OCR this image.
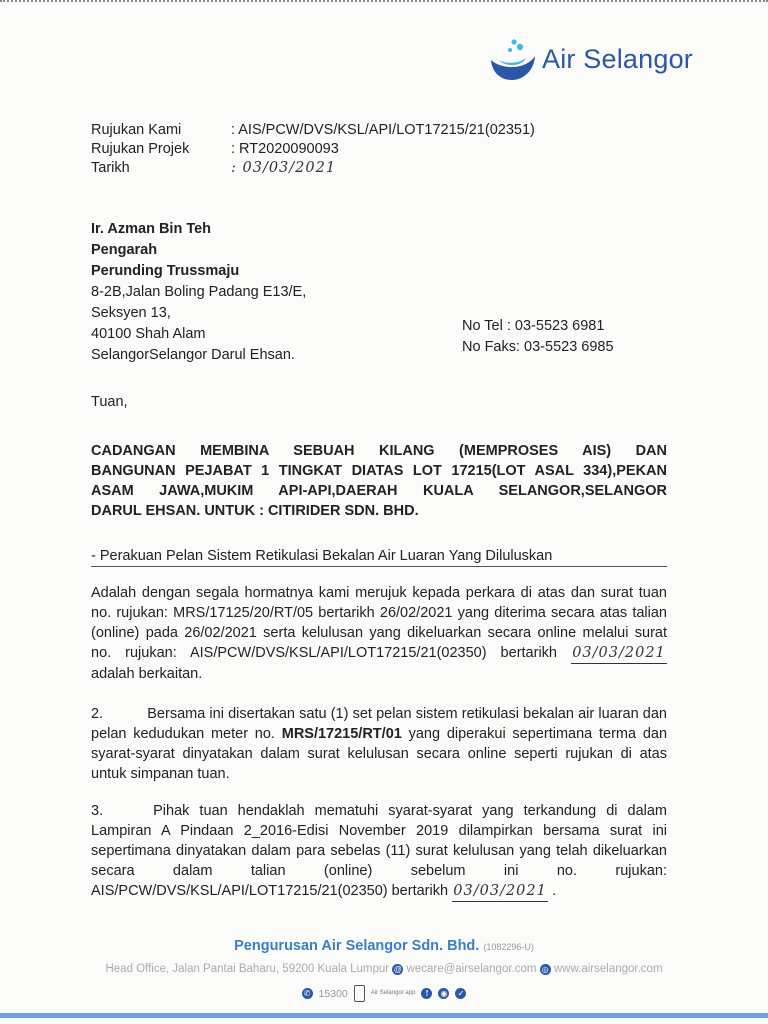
Air Selangor
Rujukan Kami	: AIS/PCW/DVS/KSL/API/LOT17215/21(02351)
Rujukan Projek	: RT2020090093
Tarikh	: 03/03/2021
Ir. Azman Bin Teh
Pengarah
Perunding Trussmaju
8-2B,Jalan Boling Padang E13/E,
Seksyen 13,
40100 Shah Alam
SelangorSelangor Darul Ehsan.
No Tel : 03-5523 6981
No Faks: 03-5523 6985
Tuan,
CADANGAN MEMBINA SEBUAH KILANG (MEMPROSES AIS) DAN
BANGUNAN PEJABAT 1 TINGKAT DIATAS LOT 17215(LOT ASAL 334),PEKAN
ASAM JAWA,MUKIM API-API,DAERAH KUALA SELANGOR,SELANGOR
DARUL EHSAN. UNTUK : CITIRIDER SDN. BHD.
- Perakuan Pelan Sistem Retikulasi Bekalan Air Luaran Yang Diluluskan
Adalah dengan segala hormatnya kami merujuk kepada perkara di atas dan surat tuan no. rujukan: MRS/17125/20/RT/05 bertarikh 26/02/2021 yang diterima secara atas talian (online) pada 26/02/2021 serta kelulusan yang dikeluarkan secara online melalui surat no. rujukan: AIS/PCW/DVS/KSL/API/LOT17215/21(02350) bertarikh 03/03/2021 adalah berkaitan.
2.	Bersama ini disertakan satu (1) set pelan sistem retikulasi bekalan air luaran dan pelan kedudukan meter no. MRS/17215/RT/01 yang diperakui sepertimana terma dan syarat-syarat dinyatakan dalam surat kelulusan secara online seperti rujukan di atas untuk simpanan tuan.
3.	Pihak tuan hendaklah mematuhi syarat-syarat yang terkandung di dalam Lampiran A Pindaan 2_2016-Edisi November 2019 dilampirkan bersama surat ini sepertimana dinyatakan dalam para sebelas (11) surat kelulusan yang telah dikeluarkan secara dalam talian (online) sebelum ini no. rujukan: AIS/PCW/DVS/KSL/API/LOT17215/21(02350) bertarikh 03/03/2021 .
Pengurusan Air Selangor Sdn. Bhd. (1082296-U)
Head Office, Jalan Pantai Baharu, 59200 Kuala Lumpur @ wecare@airselangor.com ◎ www.airselangor.com
✆ 15300	Air Selangor app	f	◉ ✓
